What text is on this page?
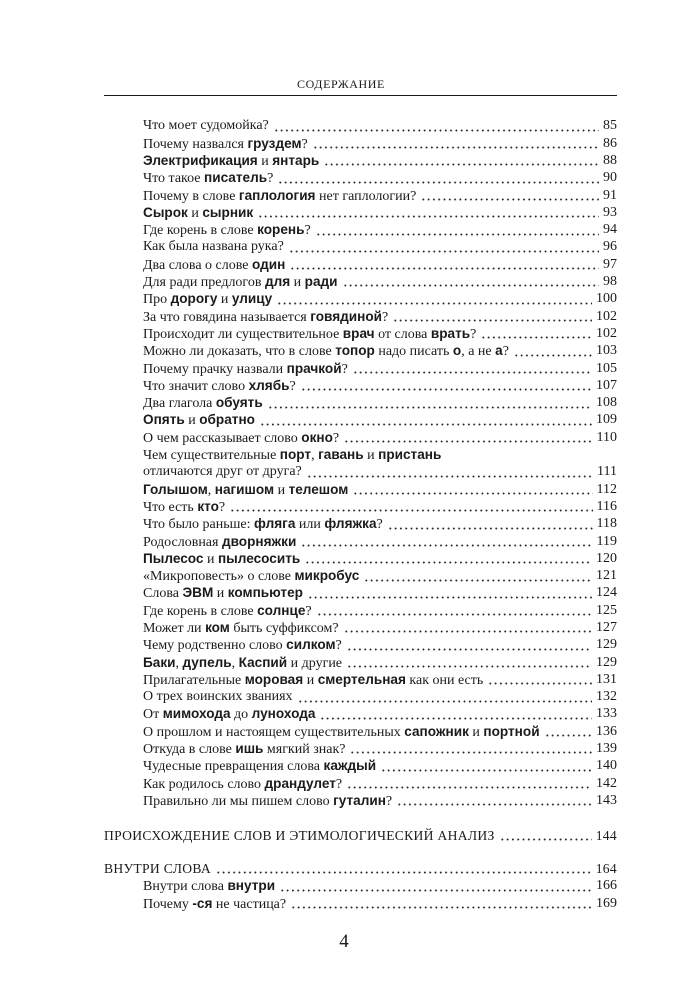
СОДЕРЖАНИЕ
Что моет судомойка?	85
Почему назвался груздем?	86
Электрификация и янтарь	88
Что такое писатель?	90
Почему в слове гаплология нет гаплологии?	91
Сырок и сырник	93
Где корень в слове корень?	94
Как была названа рука?	96
Два слова о слове один	97
Для ради предлогов для и ради	98
Про дорогу и улицу	100
За что говядина называется говядиной?	102
Происходит ли существительное врач от слова врать?	102
Можно ли доказать, что в слове топор надо писать о, а не а?	103
Почему прачку назвали прачкой?	105
Что значит слово хлябь?	107
Два глагола обуять	108
Опять и обратно	109
О чем рассказывает слово окно?	110
Чем существительные порт, гавань и пристань
отличаются друг от друга?	111
Голышом, нагишом и телешом	112
Что есть кто?	116
Что было раньше: фляга или фляжка?	118
Родословная дворняжки	119
Пылесос и пылесосить	120
«Микроповесть» о слове микробус	121
Слова ЭВМ и компьютер	124
Где корень в слове солнце?	125
Может ли ком быть суффиксом?	127
Чему родственно слово силком?	129
Баки, дупель, Каспий и другие	129
Прилагательные моровая и смертельная как они есть	131
О трех воинских званиях	132
От мимохода до лунохода	133
О прошлом и настоящем существительных сапожник и портной	136
Откуда в слове ишь мягкий знак?	139
Чудесные превращения слова каждый	140
Как родилось слово драндулет?	142
Правильно ли мы пишем слово гуталин?	143
ПРОИСХОЖДЕНИЕ СЛОВ И ЭТИМОЛОГИЧЕСКИЙ АНАЛИЗ	144
ВНУТРИ СЛОВА	164
Внутри слова внутри	166
Почему -ся не частица?	169
4
